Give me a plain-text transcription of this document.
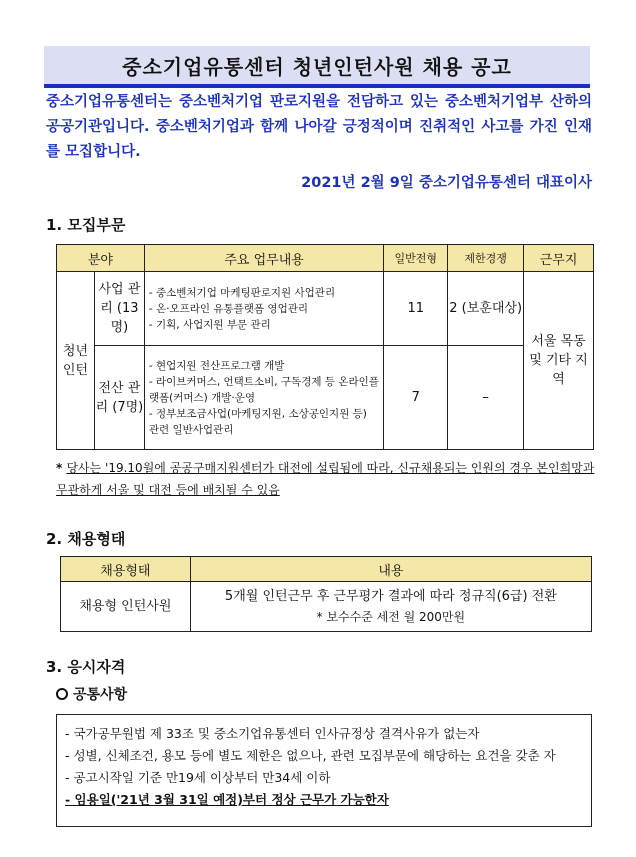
중소기업유통센터 청년인턴사원 채용 공고
중소기업유통센터는 중소벤처기업 판로지원을 전담하고 있는 중소벤처기업부 산하의 공공기관입니다. 중소벤처기업과 함께 나아갈 긍정적이며 진취적인 사고를 가진 인재를 모집합니다.
2021년 2월 9일 중소기업유통센터 대표이사
1. 모집부문
분야		주요 업무내용	일반전형	제한경쟁	근무지
청년 인턴	사업 관리 (13명)	- 중소벤처기업 마케팅판로지원 사업관리
- 온·오프라인 유통플랫폼 영업관리
- 기획, 사업지원 부문 관리	11	2 (보훈대상)	서울 목동 및 기타 지역
	전산 관리 (7명)	- 현업지원 전산프로그램 개발
- 라이브커머스, 언택트소비, 구독경제 등 온라인플랫폼(커머스) 개발·운영
- 정부보조금사업(마케팅지원, 소상공인지원 등) 관련 일반사업관리	7	–	
* 당사는 '19.10월에 공공구매지원센터가 대전에 설립됨에 따라, 신규채용되는 인원의 경우 본인희망과 무관하게 서울 및 대전 등에 배치될 수 있음
2. 채용형태
채용형태	내용
채용형 인턴사원	5개월 인턴근무 후 근무평가 결과에 따라 정규직(6급) 전환
* 보수수준 세전 월 200만원
3. 응시자격
공통사항
- 국가공무원법 제 33조 및 중소기업유통센터 인사규정상 결격사유가 없는자
- 성별, 신체조건, 용모 등에 별도 제한은 없으나, 관련 모집부문에 해당하는 요건을 갖춘 자
- 공고시작일 기준 만19세 이상부터 만34세 이하
- 임용일('21년 3월 31일 예정)부터 정상 근무가 가능한자
